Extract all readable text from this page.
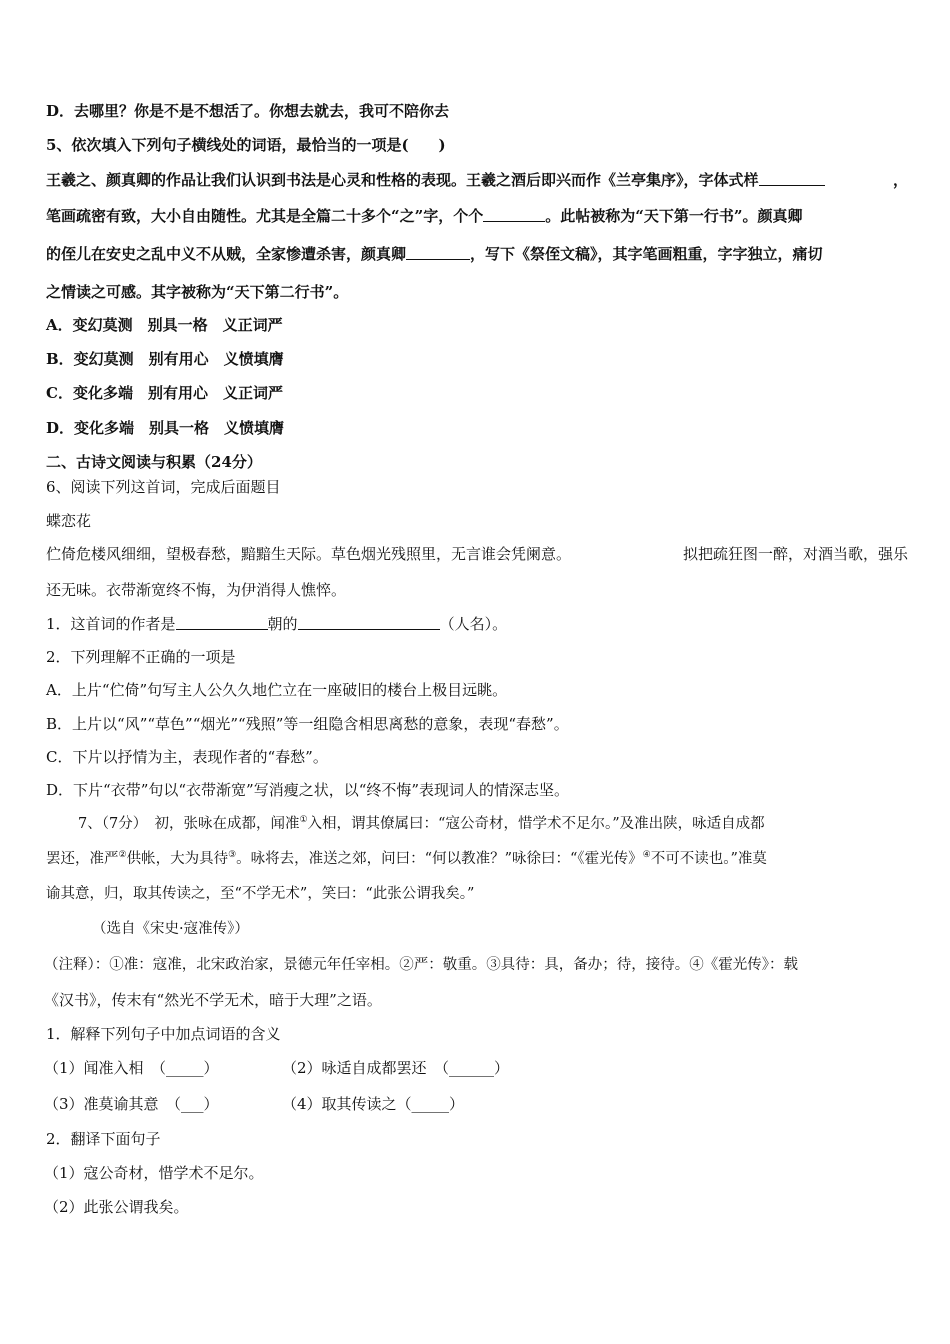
D．去哪里？你是不是不想活了。你想去就去，我可不陪你去
5、依次填入下列句子横线处的词语，最恰当的一项是(　　)
王羲之、颜真卿的作品让我们认识到书法是心灵和性格的表现。王羲之酒后即兴而作《兰亭集序》，字体式样	，
笔画疏密有致，大小自由随性。尤其是全篇二十多个“之”字，个个	。此帖被称为“天下第一行书”。颜真卿
的侄儿在安史之乱中义不从贼，全家惨遭杀害，颜真卿	，写下《祭侄文稿》，其字笔画粗重，字字独立，痛切
之情读之可感。其字被称为“天下第二行书”。
A．变幻莫测　别具一格　义正词严
B．变幻莫测　别有用心　义愤填膺
C．变化多端　别有用心　义正词严
D．变化多端　别具一格　义愤填膺
二、古诗文阅读与积累（24分）
6、阅读下列这首词，完成后面题目
蝶恋花
伫倚危楼风细细，望极春愁，黯黯生天际。草色烟光残照里，无言谁会凭阑意。	拟把疏狂图一醉，对酒当歌，强乐
还无味。衣带渐宽终不悔，为伊消得人憔悴。
1．这首词的作者是	朝的	（人名）。
2．下列理解不正确的一项是
A．上片“伫倚”句写主人公久久地伫立在一座破旧的楼台上极目远眺。
B．上片以“风”“草色”“烟光”“残照”等一组隐含相思离愁的意象，表现“春愁”。
C．下片以抒情为主，表现作者的“春愁”。
D．下片“衣带”句以“衣带渐宽”写消瘦之状，以“终不悔”表现词人的情深志坚。
7、（7分）　初，张咏在成都，闻准①入相，谓其僚属曰：“寇公奇材，惜学术不足尔。”及准出陕，咏适自成都
罢还，准严②供帐，大为具待③。咏将去，准送之郊，问曰：“何以教准？”咏徐曰：“《霍光传》④不可不读也。”准莫
谕其意，归，取其传读之，至“不学无术”，笑曰：“此张公谓我矣。”
（选自《宋史·寇准传》）
（注释）：①准：寇准，北宋政治家，景德元年任宰相。②严：敬重。③具待：具，备办；待，接待。④《霍光传》：载
《汉书》，传末有“然光不学无术，暗于大理”之语。
1．解释下列句子中加点词语的含义
（1）闻准入相　（_____）	（2）咏适自成都罢还　（______）
（3）准莫谕其意　（___）	（4）取其传读之（_____）
2．翻译下面句子
（1）寇公奇材，惜学术不足尔。
（2）此张公谓我矣。
